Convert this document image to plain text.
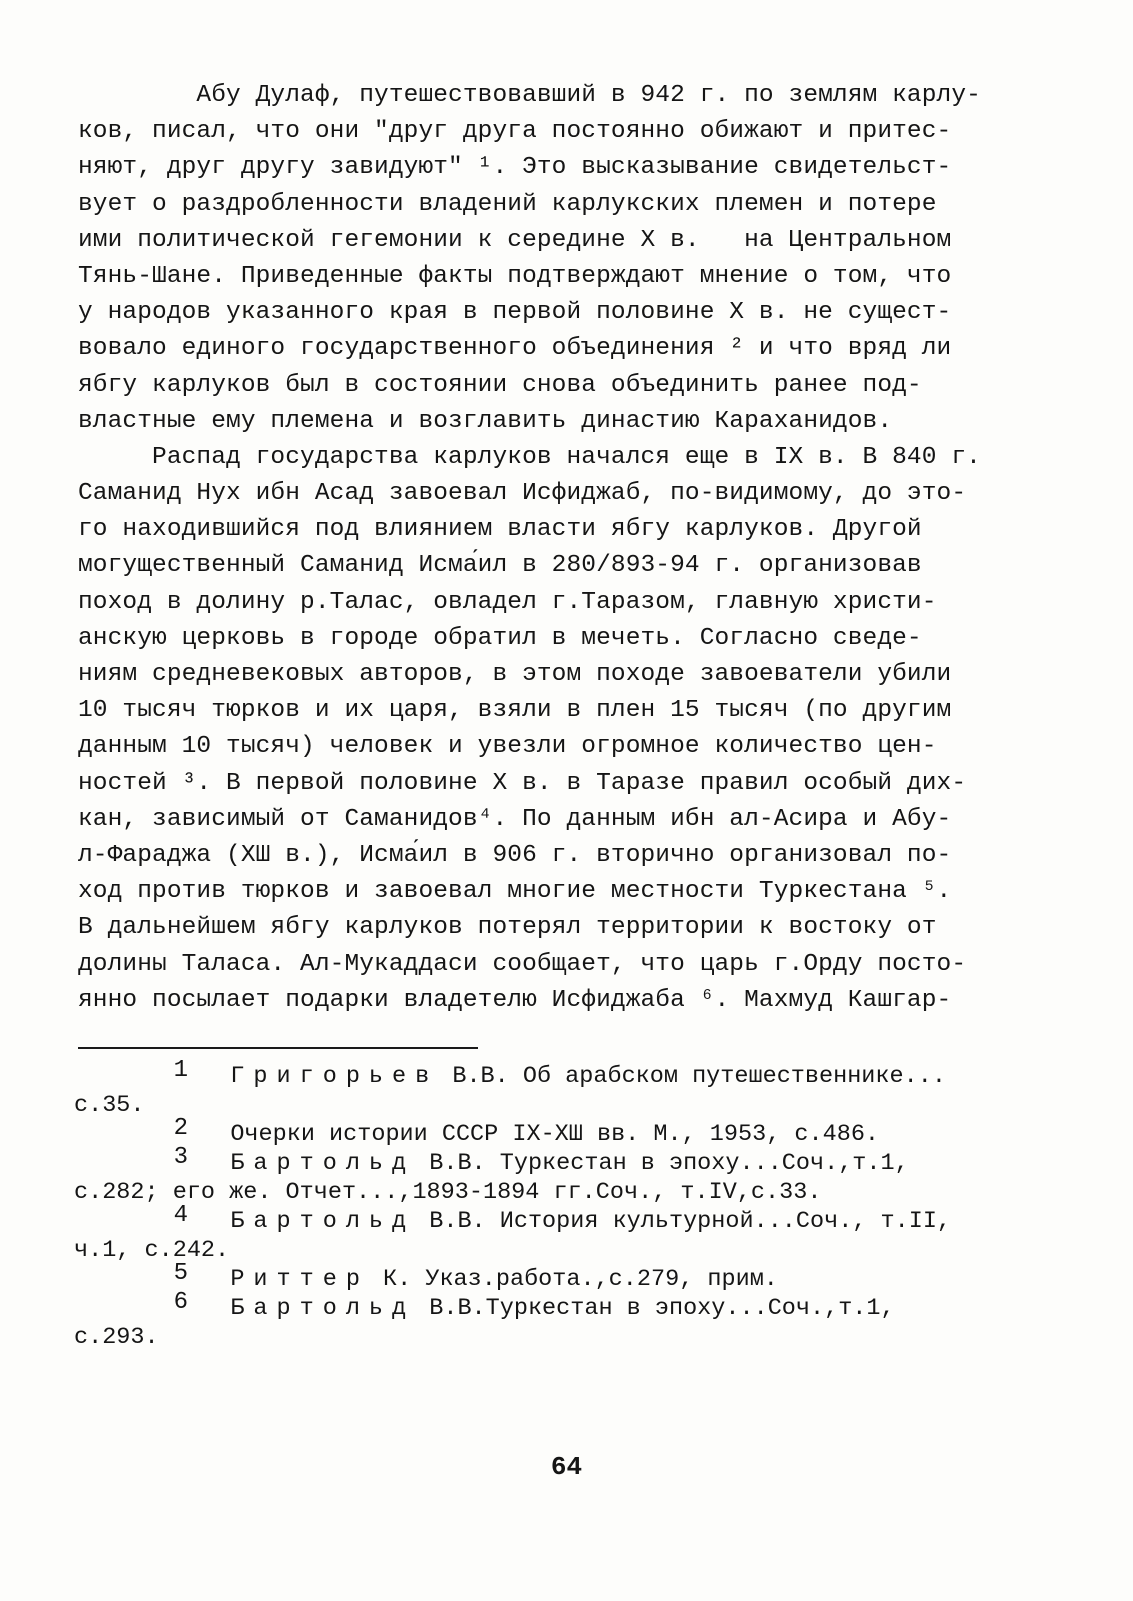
Абу Дулаф, путешествовавший в 942 г. по землям карлу-
ков, писал, что они "друг друга постоянно обижают и притес-
няют, друг другу завидуют" ¹. Это высказывание свидетельст-
вует о раздробленности владений карлукских племен и потере
ими политической гегемонии к середине Х в.   на Центральном
Тянь-Шане. Приведенные факты подтверждают мнение о том, что
у народов указанного края в первой половине Х в. не сущест-
вовало единого государственного объединения ² и что вряд ли
ябгу карлуков был в состоянии снова объединить ранее под-
властные ему племена и возглавить династию Караханидов.
Распад государства карлуков начался еще в IХ в. В 840 г.
Саманид Нух ибн Асад завоевал Исфиджаб, по-видимому, до это-
го находившийся под влиянием власти ябгу карлуков. Другой
могущественный Саманид Исма́ил в 280/893-94 г. организовав
поход в долину р.Талас, овладел г.Таразом, главную христи-
анскую церковь в городе обратил в мечеть. Согласно сведе-
ниям средневековых авторов, в этом походе завоеватели убили
10 тысяч тюрков и их царя, взяли в плен 15 тысяч (по другим
данным 10 тысяч) человек и увезли огромное количество цен-
ностей ³. В первой половине Х в. в Таразе правил особый дих-
кан, зависимый от Саманидов⁴. По данным ибн ал-Асира и Абу-
л-Фараджа (ХШ в.), Исма́ил в 906 г. вторично организовал по-
ход против тюрков и завоевал многие местности Туркестана ⁵.
В дальнейшем ябгу карлуков потерял территории к востоку от
долины Таласа. Ал-Мукаддаси сообщает, что царь г.Орду посто-
янно посылает подарки владетелю Исфиджаба ⁶. Махмуд Кашгар-
1 Григорьев В.В. Об арабском путешественнике...
с.35.
2 Очерки истории СССР IХ-ХШ вв. М., 1953, с.486.
3 Бартольд В.В. Туркестан в эпоху...Соч.,т.1,
с.282; его же. Отчет...,1893-1894 гг.Соч., т.IV,с.33.
4 Бартольд В.В. История культурной...Соч., т.II,
ч.1, с.242.
5 Риттер К. Указ.работа.,с.279, прим.
6 Бартольд В.В.Туркестан в эпоху...Соч.,т.1,
с.293.
64
